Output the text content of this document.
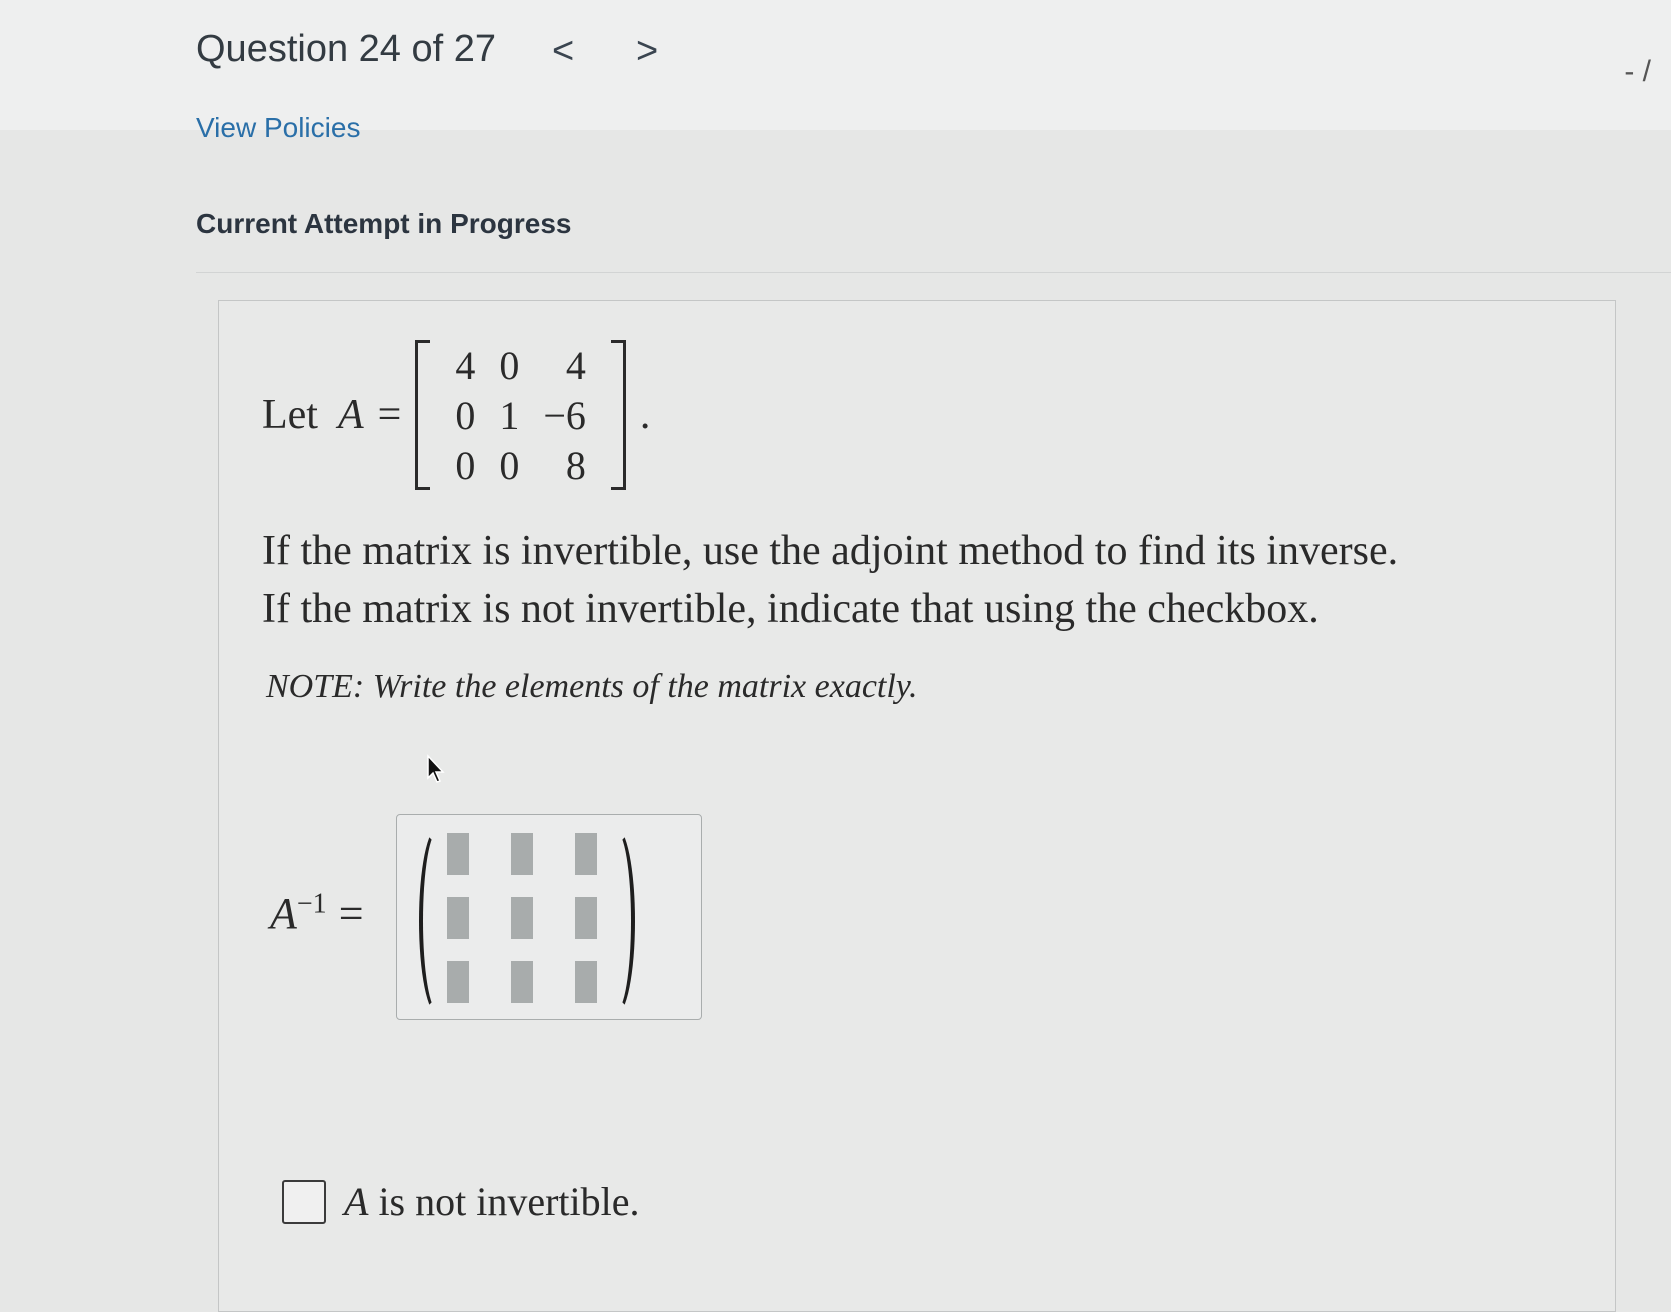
Question 24 of 27 < >	- /
View Policies
Current Attempt in Progress
Let A =
4	0	4
0	1	−6
0	0	8
.
If the matrix is invertible, use the adjoint method to find its inverse.
If the matrix is not invertible, indicate that using the checkbox.
NOTE: Write the elements of the matrix exactly.
$A^{-1}$ =
A is not invertible.
